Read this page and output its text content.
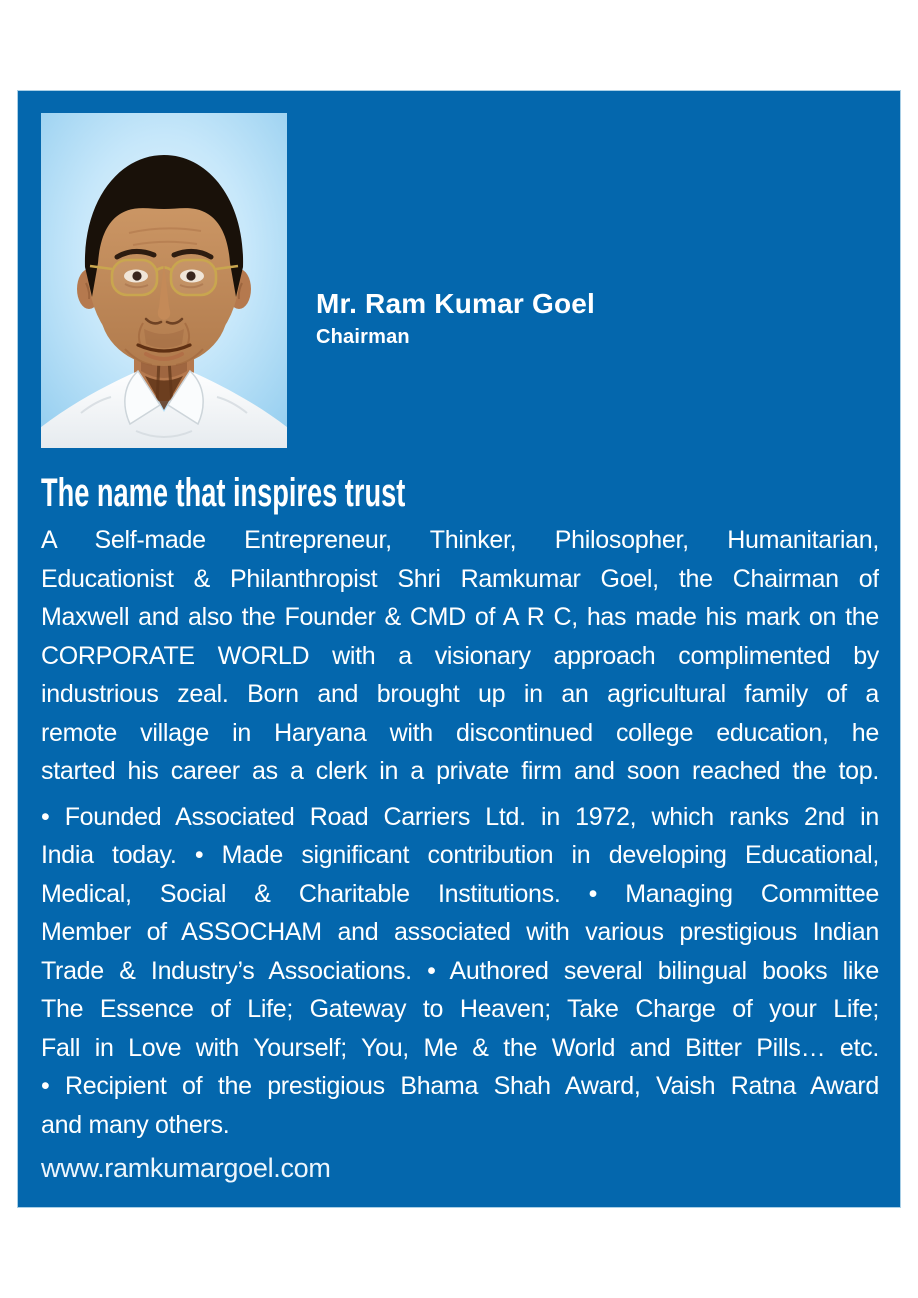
Mr. Ram Kumar Goel
Chairman
The name that inspires trust
A Self-made Entrepreneur, Thinker, Philosopher, Humanitarian,
Educationist & Philanthropist Shri Ramkumar Goel, the Chairman of
Maxwell and also the Founder & CMD of A R C, has made his mark on the
CORPORATE WORLD with a visionary approach complimented by
industrious zeal. Born and brought up in an agricultural family of a
remote village in Haryana with discontinued college education, he
started his career as a clerk in a private firm and soon reached the top.
• Founded Associated Road Carriers Ltd. in 1972, which ranks 2nd in
India today. • Made significant contribution in developing Educational,
Medical, Social & Charitable Institutions. • Managing Committee
Member of ASSOCHAM and associated with various prestigious Indian
Trade & Industry’s Associations. • Authored several bilingual books like
The Essence of Life; Gateway to Heaven; Take Charge of your Life;
Fall in Love with Yourself; You, Me & the World and Bitter Pills… etc.
• Recipient of the prestigious Bhama Shah Award, Vaish Ratna Award
and many others.
www.ramkumargoel.com
